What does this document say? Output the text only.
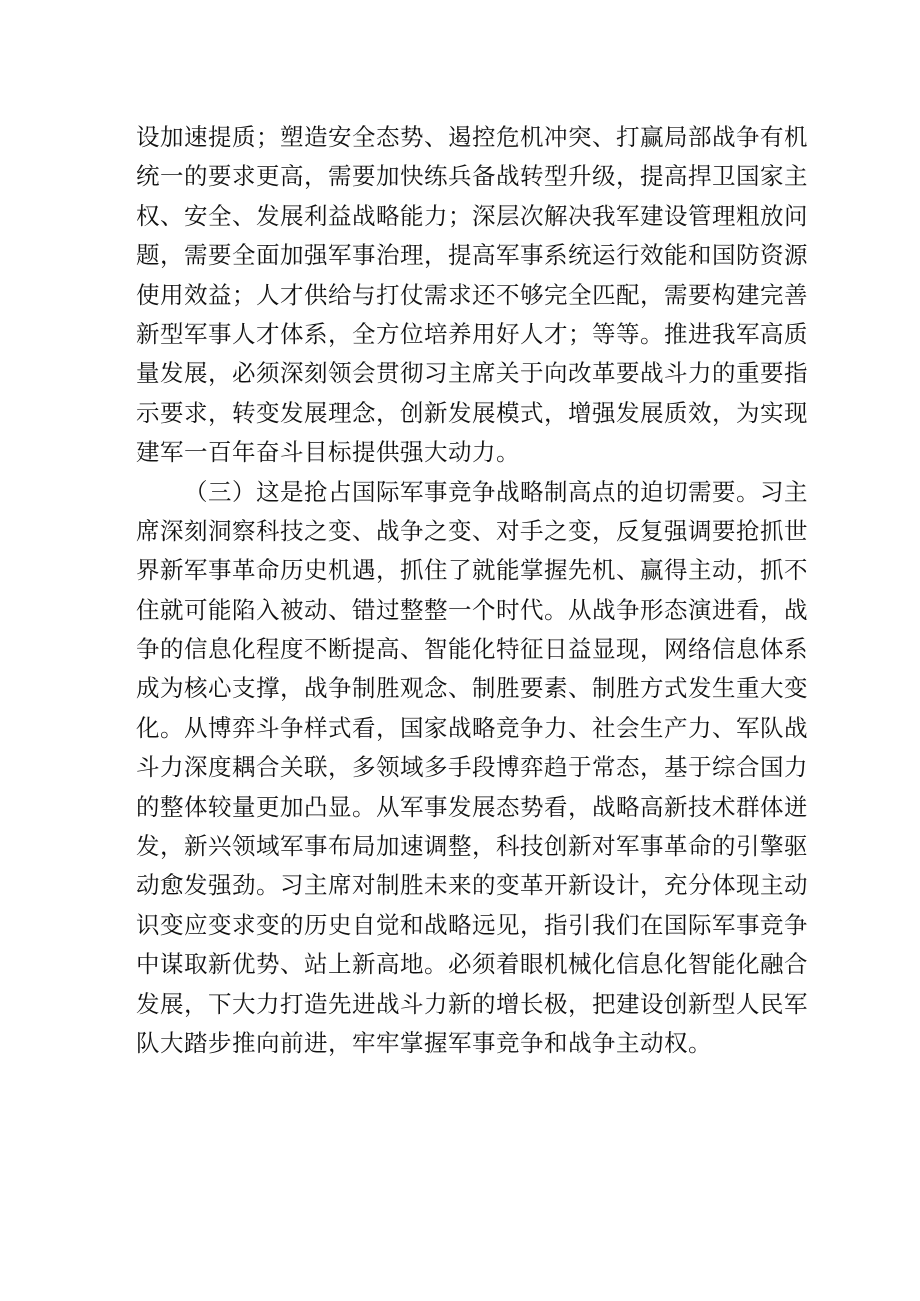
设加速提质；塑造安全态势、遏控危机冲突、打赢局部战争有机
统一的要求更高，需要加快练兵备战转型升级，提高捍卫国家主
权、安全、发展利益战略能力；深层次解决我军建设管理粗放问
题，需要全面加强军事治理，提高军事系统运行效能和国防资源
使用效益；人才供给与打仗需求还不够完全匹配，需要构建完善
新型军事人才体系，全方位培养用好人才；等等。推进我军高质
量发展，必须深刻领会贯彻习主席关于向改革要战斗力的重要指
示要求，转变发展理念，创新发展模式，增强发展质效，为实现
建军一百年奋斗目标提供强大动力。
（三）这是抢占国际军事竞争战略制高点的迫切需要。习主
席深刻洞察科技之变、战争之变、对手之变，反复强调要抢抓世
界新军事革命历史机遇，抓住了就能掌握先机、赢得主动，抓不
住就可能陷入被动、错过整整一个时代。从战争形态演进看，战
争的信息化程度不断提高、智能化特征日益显现，网络信息体系
成为核心支撑，战争制胜观念、制胜要素、制胜方式发生重大变
化。从博弈斗争样式看，国家战略竞争力、社会生产力、军队战
斗力深度耦合关联，多领域多手段博弈趋于常态，基于综合国力
的整体较量更加凸显。从军事发展态势看，战略高新技术群体迸
发，新兴领域军事布局加速调整，科技创新对军事革命的引擎驱
动愈发强劲。习主席对制胜未来的变革开新设计，充分体现主动
识变应变求变的历史自觉和战略远见，指引我们在国际军事竞争
中谋取新优势、站上新高地。必须着眼机械化信息化智能化融合
发展，下大力打造先进战斗力新的增长极，把建设创新型人民军
队大踏步推向前进，牢牢掌握军事竞争和战争主动权。
